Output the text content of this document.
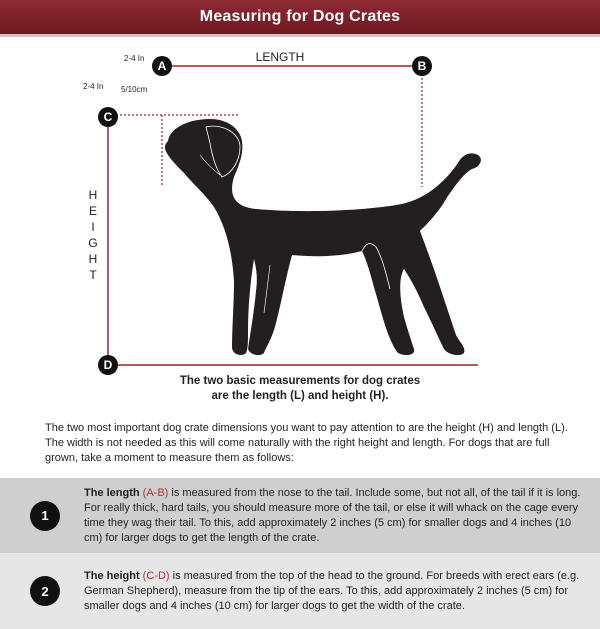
Measuring for Dog Crates
A	B
C
D
LENGTH
2-4 In
2-4 In 5/10cm
H
E
I
G
H
T
The two basic measurements for dog crates
are the length (L) and height (H).

The two most important dog crate dimensions you want to pay attention to are the height (H) and length (L). The width is not needed as this will come naturally with the right height and length. For dogs that are full grown, take a moment to measure them as follows:

1

The length (A-B) is measured from the nose to the tail. Include some, but not all, of the tail if it is long. For really thick, hard tails, you should measure more of the tail, or else it will whack on the cage every time they wag their tail. To this, add approximately 2 inches (5 cm) for smaller dogs and 4 inches (10 cm) for larger dogs to get the length of the crate.

2

The height (C-D) is measured from the top of the head to the ground. For breeds with erect ears (e.g. German Shepherd), measure from the tip of the ears. To this, add approximately 2 inches (5 cm) for smaller dogs and 4 inches (10 cm) for larger dogs to get the width of the crate.
